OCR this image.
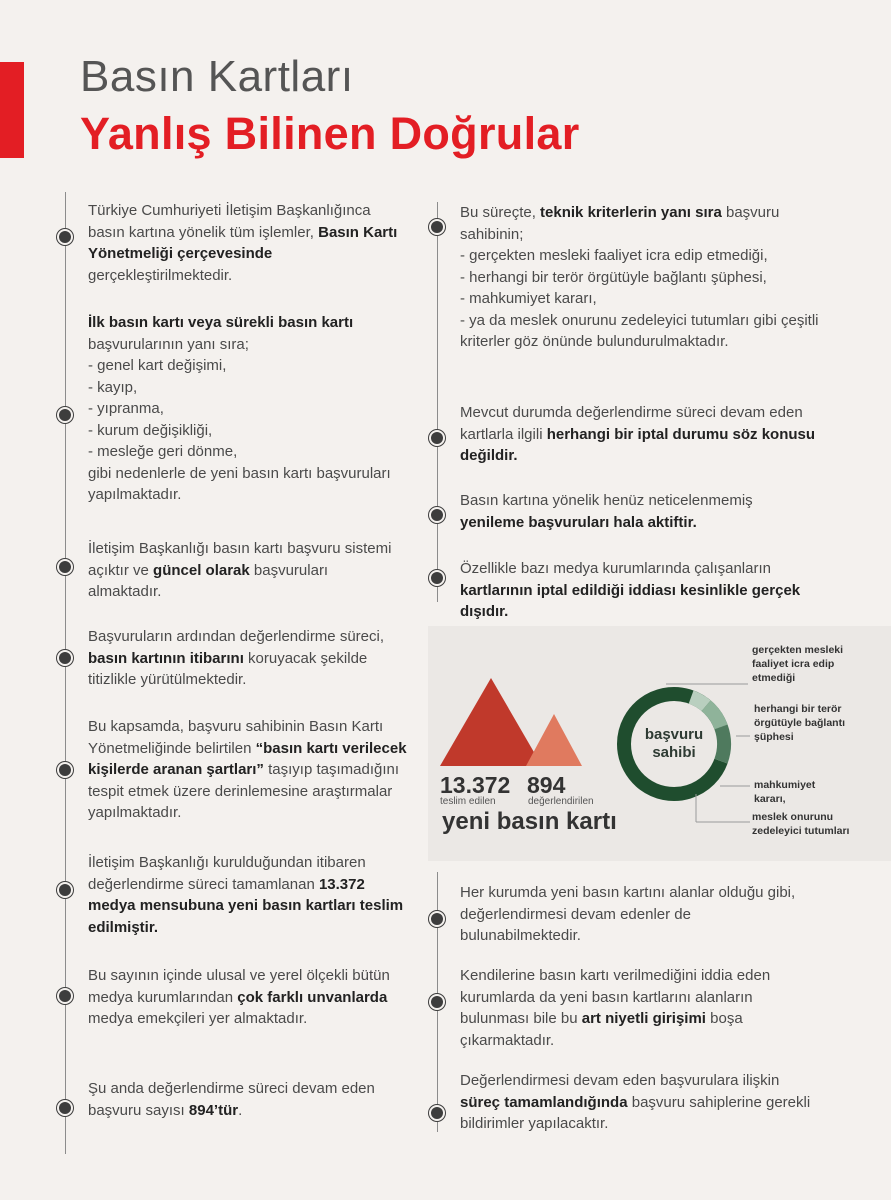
Basın Kartları
Yanlış Bilinen Doğrular
Türkiye Cumhuriyeti İletişim Başkanlığınca basın kartına yönelik tüm işlemler, Basın Kartı Yönetmeliği çerçevesinde gerçekleştirilmektedir.
İlk basın kartı veya sürekli basın kartı
başvurularının yanı sıra;
- genel kart değişimi,
- kayıp,
- yıpranma,
- kurum değişikliği,
- mesleğe geri dönme,
gibi nedenlerle de yeni basın kartı başvuruları yapılmaktadır.
İletişim Başkanlığı basın kartı başvuru sistemi açıktır ve güncel olarak başvuruları almaktadır.
Başvuruların ardından değerlendirme süreci, basın kartının itibarını koruyacak şekilde titizlikle yürütülmektedir.
Bu kapsamda, başvuru sahibinin Basın Kartı Yönetmeliğinde belirtilen “basın kartı verilecek kişilerde aranan şartları” taşıyıp taşımadığını tespit etmek üzere derinlemesine araştırmalar yapılmaktadır.
İletişim Başkanlığı kurulduğundan itibaren değerlendirme süreci tamamlanan 13.372 medya mensubuna yeni basın kartları teslim edilmiştir.
Bu sayının içinde ulusal ve yerel ölçekli bütün medya kurumlarından çok farklı unvanlarda medya emekçileri yer almaktadır.
Şu anda değerlendirme süreci devam eden başvuru sayısı 894’tür.
Bu süreçte, teknik kriterlerin yanı sıra başvuru sahibinin;
- gerçekten mesleki faaliyet icra edip etmediği,
- herhangi bir terör örgütüyle bağlantı şüphesi,
- mahkumiyet kararı,
- ya da meslek onurunu zedeleyici tutumları gibi çeşitli kriterler göz önünde bulundurulmaktadır.
Mevcut durumda değerlendirme süreci devam eden kartlarla ilgili herhangi bir iptal durumu söz konusu değildir.
Basın kartına yönelik henüz neticelenmemiş yenileme başvuruları hala aktiftir.
Özellikle bazı medya kurumlarında çalışanların kartlarının iptal edildiği iddiası kesinlikle gerçek dışıdır.
13.372 894
teslim edilen	değerlendirilen
yeni basın kartı
başvuru sahibi
gerçekten mesleki faaliyet icra edip etmediği
herhangi bir terör örgütüyle bağlantı şüphesi
mahkumiyet kararı,
meslek onurunu zedeleyici tutumları
Her kurumda yeni basın kartını alanlar olduğu gibi, değerlendirmesi devam edenler de bulunabilmektedir.
Kendilerine basın kartı verilmediğini iddia eden kurumlarda da yeni basın kartlarını alanların bulunması bile bu art niyetli girişimi boşa çıkarmaktadır.
Değerlendirmesi devam eden başvurulara ilişkin süreç tamamlandığında başvuru sahiplerine gerekli bildirimler yapılacaktır.
